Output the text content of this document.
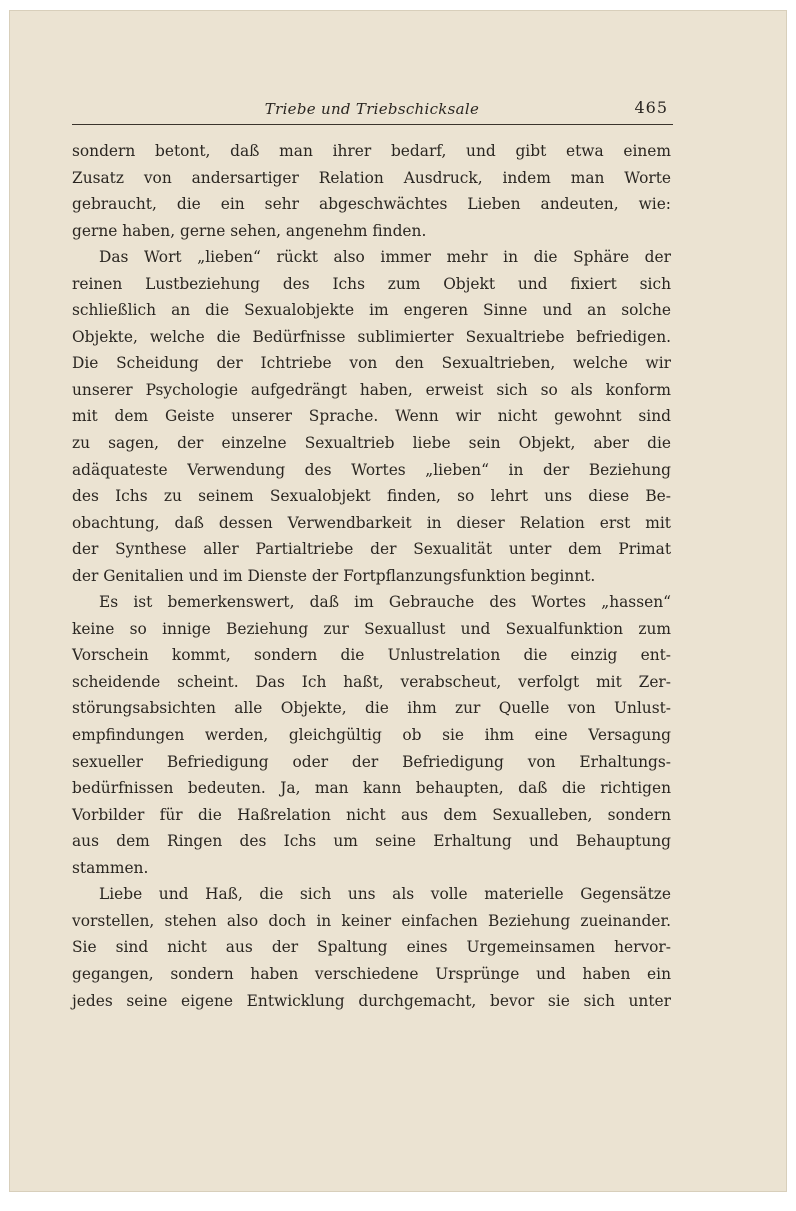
Triebe und Triebschicksale	465
sondern betont, daß man ihrer bedarf, und gibt etwa einem
Zusatz von andersartiger Relation Ausdruck, indem man Worte
gebraucht, die ein sehr abgeschwächtes Lieben andeuten, wie:
gerne haben, gerne sehen, angenehm finden.
Das Wort „lieben“ rückt also immer mehr in die Sphäre der
reinen Lustbeziehung des Ichs zum Objekt und fixiert sich
schließlich an die Sexualobjekte im engeren Sinne und an solche
Objekte, welche die Bedürfnisse sublimierter Sexualtriebe befriedigen.
Die Scheidung der Ichtriebe von den Sexualtrieben, welche wir
unserer Psychologie aufgedrängt haben, erweist sich so als konform
mit dem Geiste unserer Sprache. Wenn wir nicht gewohnt sind
zu sagen, der einzelne Sexualtrieb liebe sein Objekt, aber die
adäquateste Verwendung des Wortes „lieben“ in der Beziehung
des Ichs zu seinem Sexualobjekt finden, so lehrt uns diese Be-
obachtung, daß dessen Verwendbarkeit in dieser Relation erst mit
der Synthese aller Partialtriebe der Sexualität unter dem Primat
der Genitalien und im Dienste der Fortpflanzungsfunktion beginnt.
Es ist bemerkenswert, daß im Gebrauche des Wortes „hassen“
keine so innige Beziehung zur Sexuallust und Sexualfunktion zum
Vorschein kommt, sondern die Unlustrelation die einzig ent-
scheidende scheint. Das Ich haßt, verabscheut, verfolgt mit Zer-
störungsabsichten alle Objekte, die ihm zur Quelle von Unlust-
empfindungen werden, gleichgültig ob sie ihm eine Versagung
sexueller Befriedigung oder der Befriedigung von Erhaltungs-
bedürfnissen bedeuten. Ja, man kann behaupten, daß die richtigen
Vorbilder für die Haßrelation nicht aus dem Sexualleben, sondern
aus dem Ringen des Ichs um seine Erhaltung und Behauptung
stammen.
Liebe und Haß, die sich uns als volle materielle Gegensätze
vorstellen, stehen also doch in keiner einfachen Beziehung zueinander.
Sie sind nicht aus der Spaltung eines Urgemeinsamen hervor-
gegangen, sondern haben verschiedene Ursprünge und haben ein
jedes seine eigene Entwicklung durchgemacht, bevor sie sich unter
